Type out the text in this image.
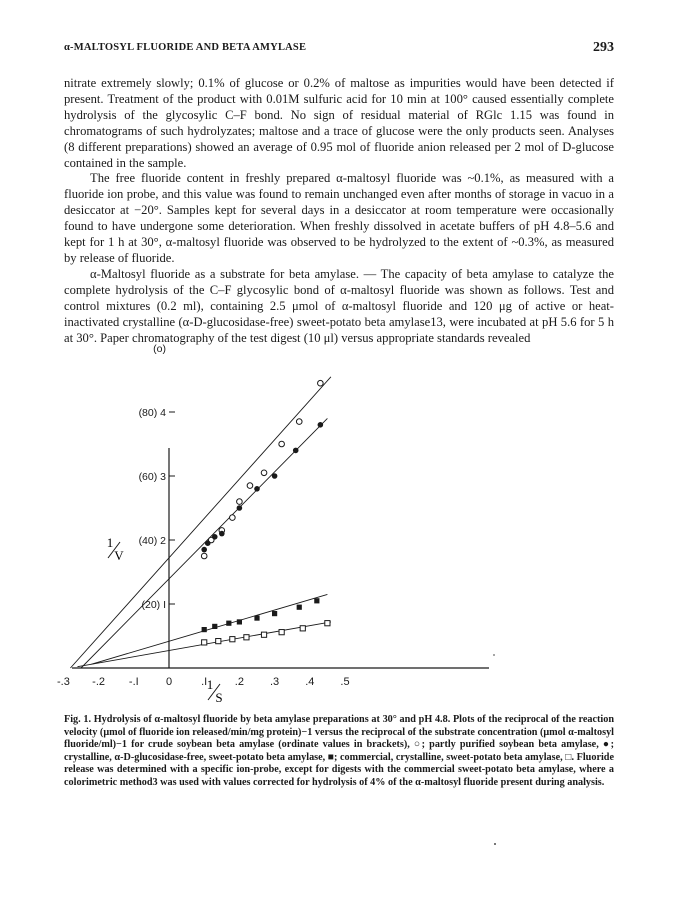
α-MALTOSYL FLUORIDE AND BETA AMYLASE	293

nitrate extremely slowly; 0.1% of glucose or 0.2% of maltose as impurities would have been detected if present. Treatment of the product with 0.01M sulfuric acid for 10 min at 100° caused essentially complete hydrolysis of the glycosylic C–F bond. No sign of residual material of RGlc 1.15 was found in chromatograms of such hydrolyzates; maltose and a trace of glucose were the only products seen. Analyses (8 different preparations) showed an average of 0.95 mol of fluoride anion released per 2 mol of D-glucose contained in the sample.

The free fluoride content in freshly prepared α-maltosyl fluoride was ~0.1%, as measured with a fluoride ion probe, and this value was found to remain unchanged even after months of storage in vacuo in a desiccator at −20°. Samples kept for several days in a desiccator at room temperature were occasionally found to have undergone some deterioration. When freshly dissolved in acetate buffers of pH 4.8–5.6 and kept for 1 h at 30°, α-maltosyl fluoride was observed to be hydrolyzed to the extent of ~0.3%, as measured by release of fluoride.

α-Maltosyl fluoride as a substrate for beta amylase. — The capacity of beta amylase to catalyze the complete hydrolysis of the C–F glycosylic bond of α-maltosyl fluoride was shown as follows. Test and control mixtures (0.2 ml), containing 2.5 μmol of α-maltosyl fluoride and 120 μg of active or heat-inactivated crystalline (α-D-glucosidase-free) sweet-potato beta amylase13, were incubated at pH 5.6 for 5 h at 30°. Paper chromatography of the test digest (10 μl) versus appropriate standards revealed

(o)
(80) 4
(60) 3
(40) 2
(20) I
-.3 -.2 -.I 0	.I	.2 .3 .4 .5
1
V
1
S

Fig. 1. Hydrolysis of α-maltosyl fluoride by beta amylase preparations at 30° and pH 4.8. Plots of the reciprocal of the reaction velocity (μmol of fluoride ion released/min/mg protein)−1 versus the reciprocal of the substrate concentration (μmol α-maltosyl fluoride/ml)−1 for crude soybean beta amylase (ordinate values in brackets), ○; partly purified soybean beta amylase, ●; crystalline, α-D-glucosidase-free, sweet-potato beta amylase, ■; commercial, crystalline, sweet-potato beta amylase, □. Fluoride release was determined with a specific ion-probe, except for digests with the commercial sweet-potato beta amylase, where a colorimetric method3 was used with values corrected for hydrolysis of 4% of the α-maltosyl fluoride present during analysis.
